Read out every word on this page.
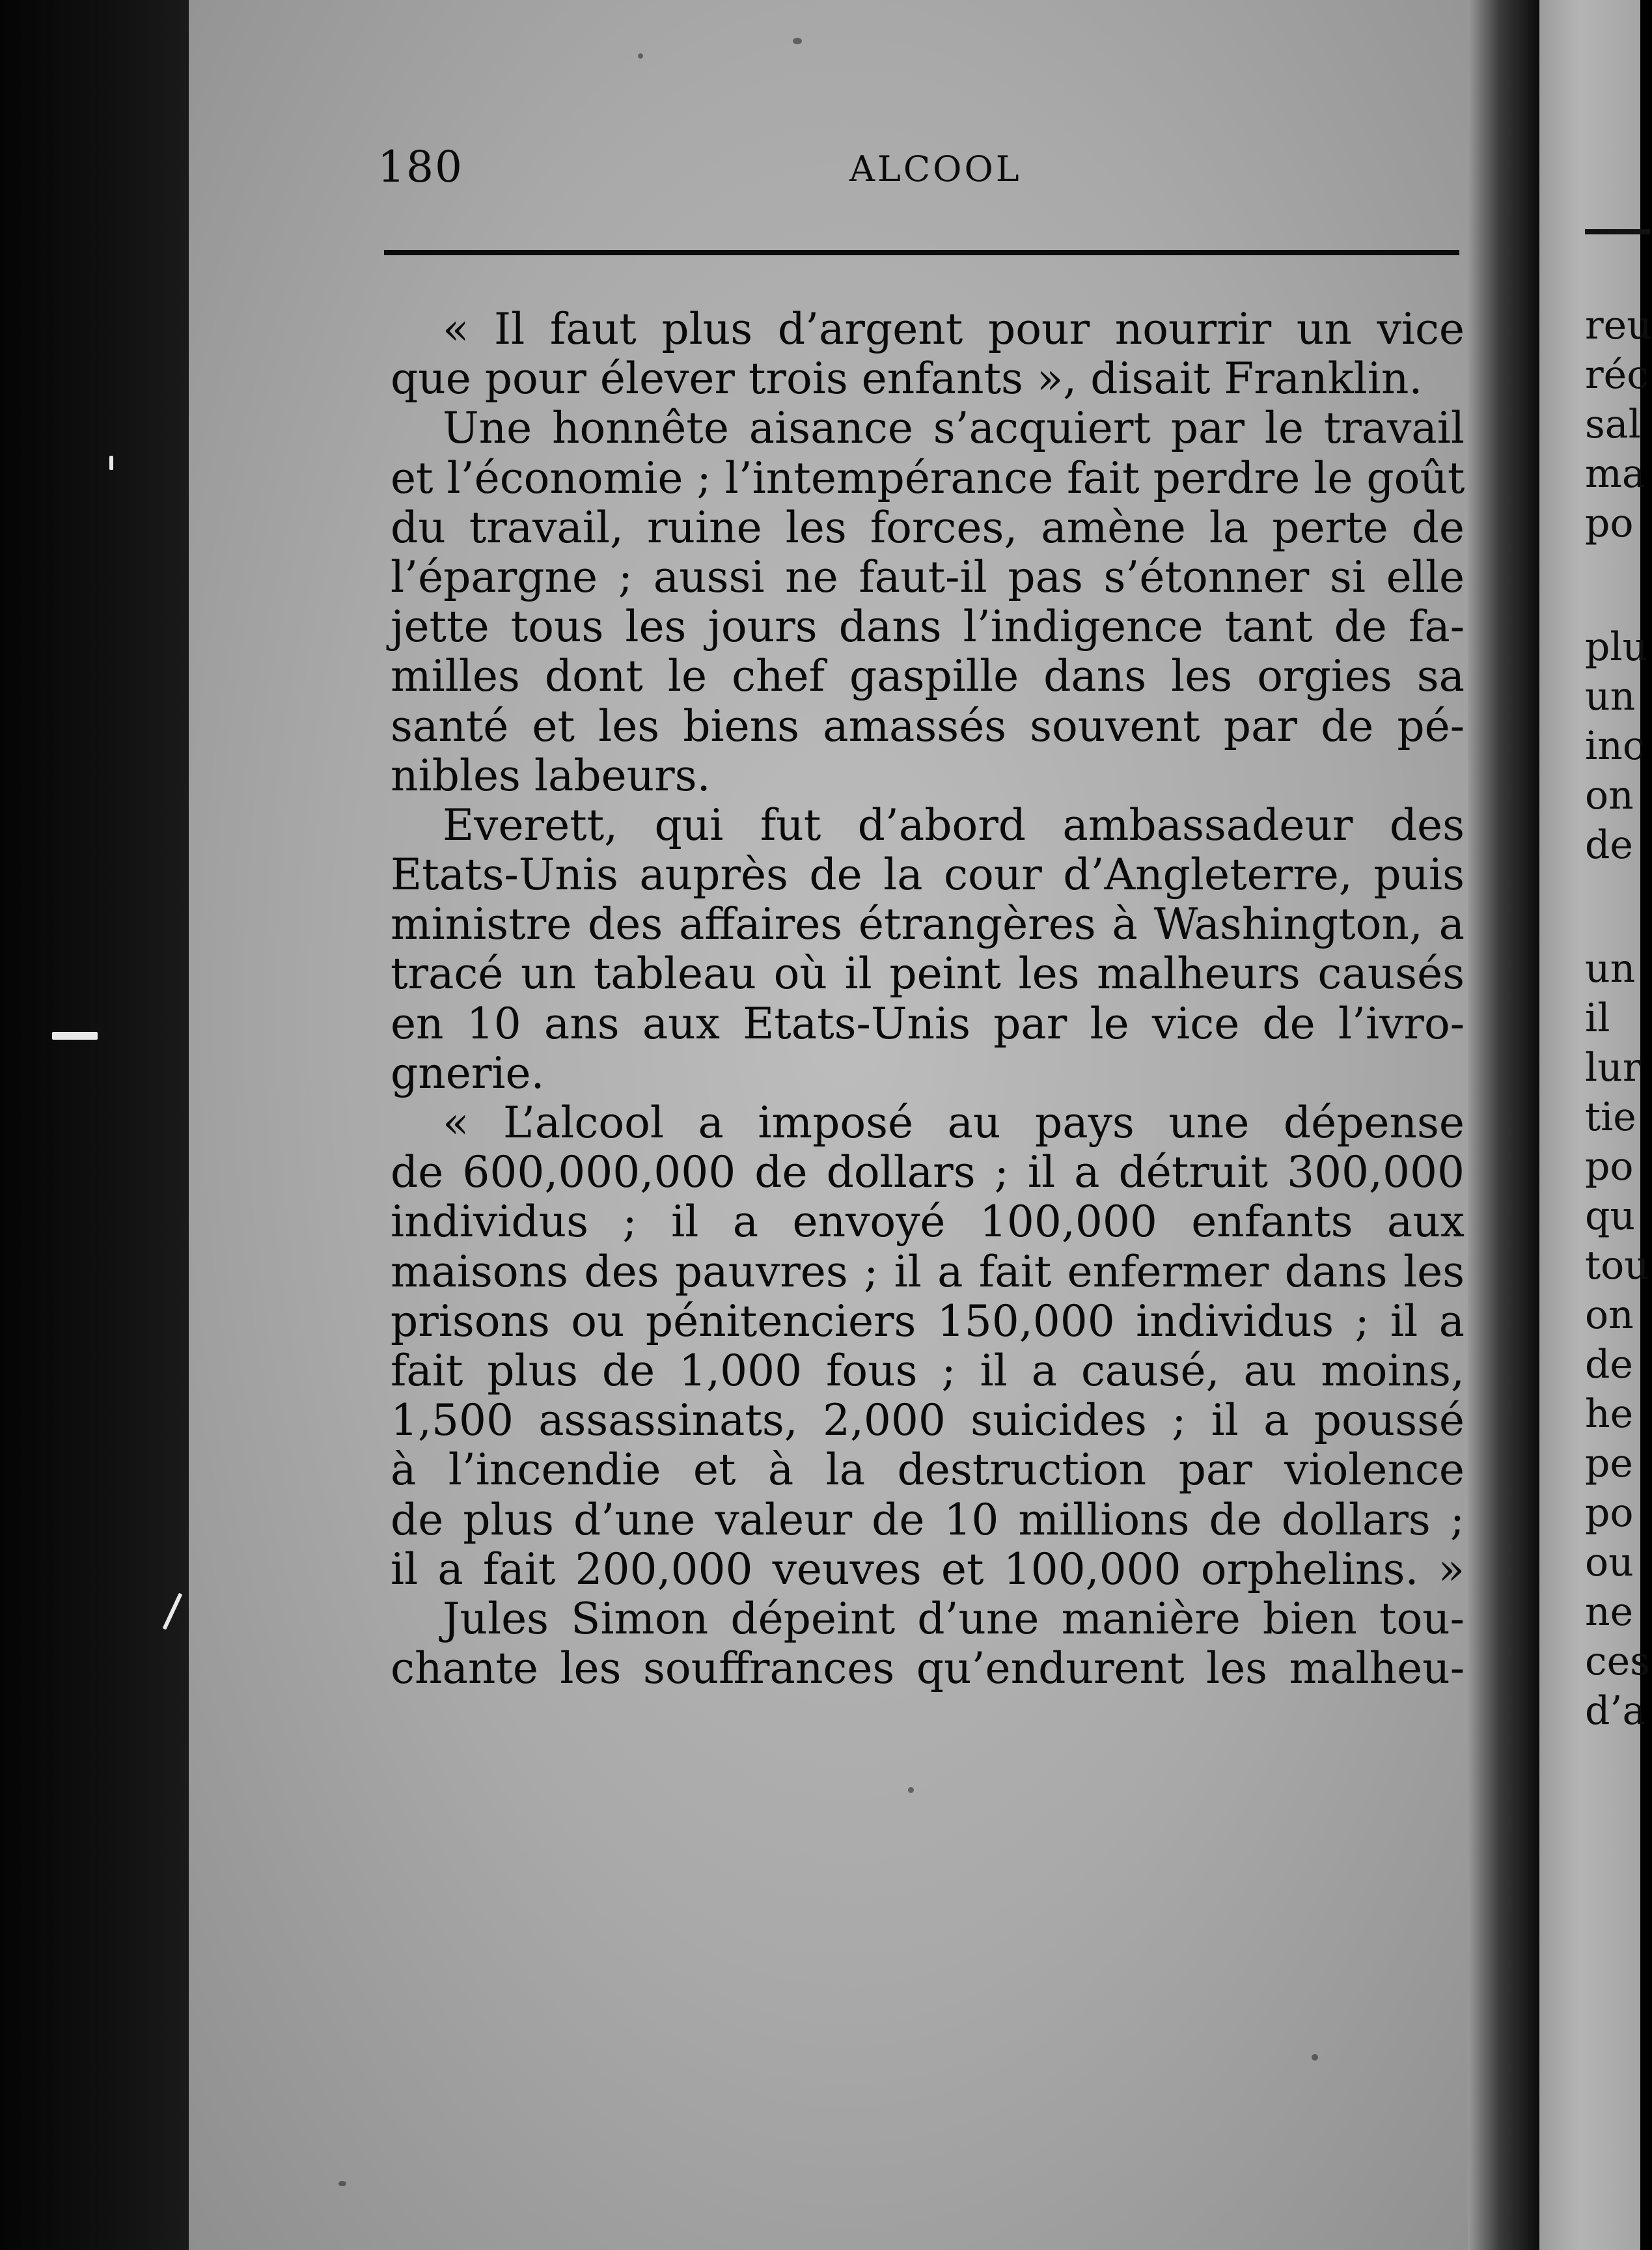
reu
réc
sal
ma
po
plu
un
inc
on
de
un
il
lur
tie
po
qu
tou
on
de
he
pe
po
ou
ne
ces
d’a
180	ALCOOL
« Il faut plus d’argent pour nourrir un vice
que pour élever trois enfants », disait Franklin.
Une honnête aisance s’acquiert par le travail
et l’économie ; l’intempérance fait perdre le goût
du travail, ruine les forces, amène la perte de
l’épargne ; aussi ne faut-il pas s’étonner si elle
jette tous les jours dans l’indigence tant de fa-
milles dont le chef gaspille dans les orgies sa
santé et les biens amassés souvent par de pé-
nibles labeurs.
Everett, qui fut d’abord ambassadeur des
Etats-Unis auprès de la cour d’Angleterre, puis
ministre des affaires étrangères à Washington, a
tracé un tableau où il peint les malheurs causés
en 10 ans aux Etats-Unis par le vice de l’ivro-
gnerie.
« L’alcool a imposé au pays une dépense
de 600,000,000 de dollars ; il a détruit 300,000
individus ; il a envoyé 100,000 enfants aux
maisons des pauvres ; il a fait enfermer dans les
prisons ou pénitenciers 150,000 individus ; il a
fait plus de 1,000 fous ; il a causé, au moins,
1,500 assassinats, 2,000 suicides ; il a poussé
à l’incendie et à la destruction par violence
de plus d’une valeur de 10 millions de dollars ;
il a fait 200,000 veuves et 100,000 orphelins. »
Jules Simon dépeint d’une manière bien tou-
chante les souffrances qu’endurent les malheu-
